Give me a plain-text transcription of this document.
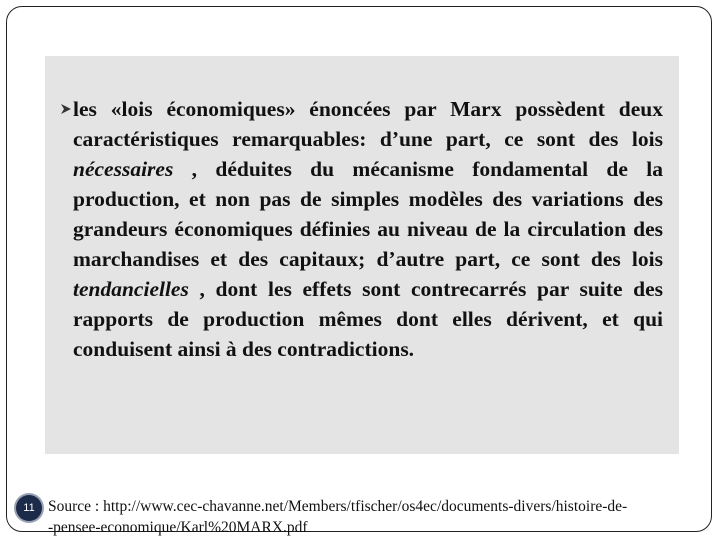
les «lois économiques» énoncées par Marx possèdent deux caractéristiques remarquables: d’une part, ce sont des lois nécessaires , déduites du mécanisme fondamental de la production, et non pas de simples modèles des variations des grandeurs économiques définies au niveau de la circulation des marchandises et des capitaux; d’autre part, ce sont des lois tendancielles , dont les effets sont contrecarrés par suite des rapports de production mêmes dont elles dérivent, et qui conduisent ainsi à des contradictions.

11 Source : http://www.cec-chavanne.net/Members/tfischer/os4ec/documents-divers/histoire-de-
-pensee-economique/Karl%20MARX.pdf
